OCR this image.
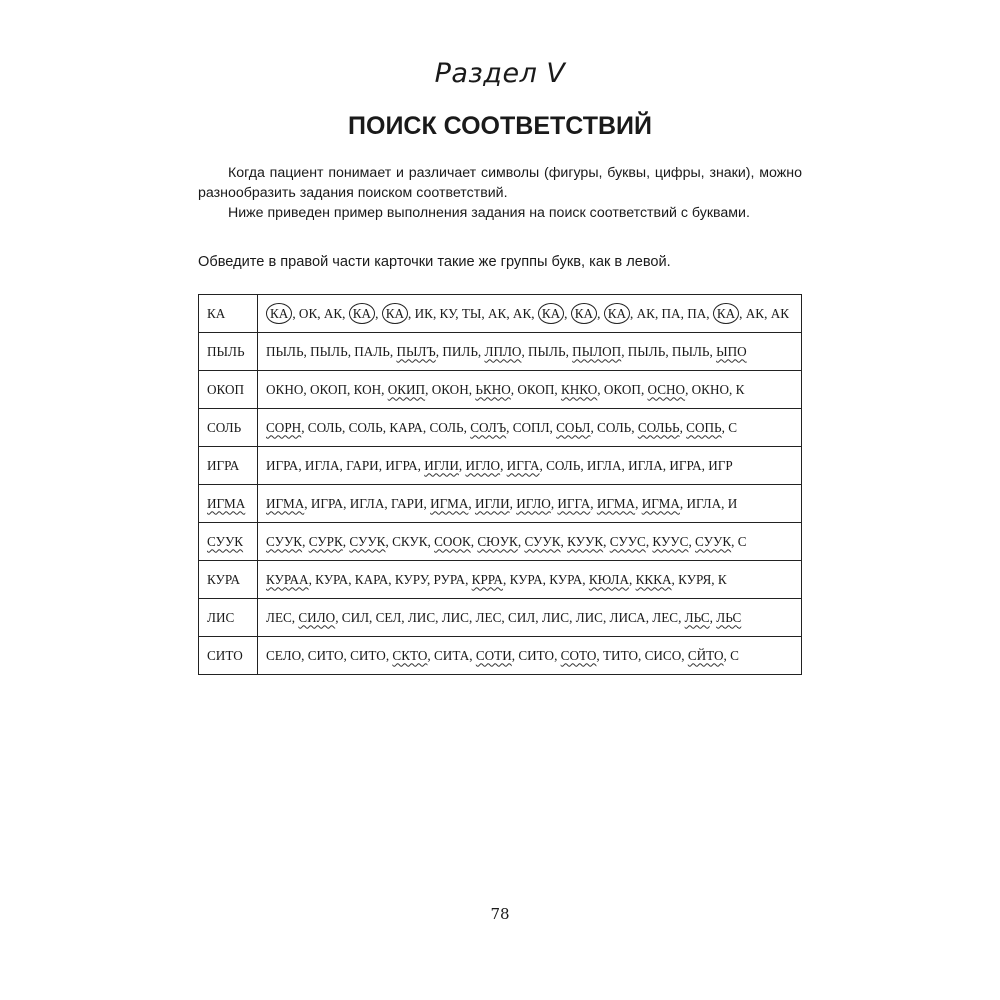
Раздел V
ПОИСК СООТВЕТСТВИЙ

Когда пациент понимает и различает символы (фигуры, буквы, цифры, знаки), можно разнообразить задания поиском соответствий.

Ниже приведен пример выполнения задания на поиск соответствий с буквами.

Обведите в правой части карточки такие же группы букв, как в левой.
КА	КА , ОК, АК, КА , КА , ИК, КУ, ТЫ, АК, АК, КА , КА , КА , АК, ПА, ПА, КА , АК, АК
ПЫЛЬ	ПЫЛЬ, ПЫЛЬ, ПАЛЬ, ПЫЛЪ, ПИЛЬ, ЛПЛО, ПЫЛЬ, ПЫЛОП, ПЫЛЬ, ПЫЛЬ, ЫПО
ОКОП	ОКНО, ОКОП, КОН, ОКИП, ОКОН, ЬКНО, ОКОП, КНКО, ОКОП, ОСНО, ОКНО, К
СОЛЬ	СОРН, СОЛЬ, СОЛЬ, КАРА, СОЛЬ, СОЛЪ, СОПЛ, СОЬЛ, СОЛЬ, СОЛЬЬ, СОПЬ, С
ИГРА	ИГРА, ИГЛА, ГАРИ, ИГРА, ИГЛИ, ИГЛО, ИГГА, СОЛЬ, ИГЛА, ИГЛА, ИГРА, ИГР
ИГМА	ИГМА, ИГРА, ИГЛА, ГАРИ, ИГМА, ИГЛИ, ИГЛО, ИГГА, ИГМА, ИГМА, ИГЛА, И
СУУК	СУУК, СУРК, СУУК, СКУК, СООК, СЮУК, СУУК, КУУК, СУУС, КУУС, СУУК, С
КУРА	КУРАА, КУРА, КАРА, КУРУ, РУРА, КРРА, КУРА, КУРА, КЮЛА, КККА, КУРЯ, К
ЛИС	ЛЕС, СИЛО, СИЛ, СЕЛ, ЛИС, ЛИС, ЛЕС, СИЛ, ЛИС, ЛИС, ЛИСА, ЛЕС, ЛЬС, ЛЬС
СИТО	СЕЛО, СИТО, СИТО, СКТО, СИТА, СОТИ, СИТО, СОТО, ТИТО, СИСО, СЙТО, С
78
